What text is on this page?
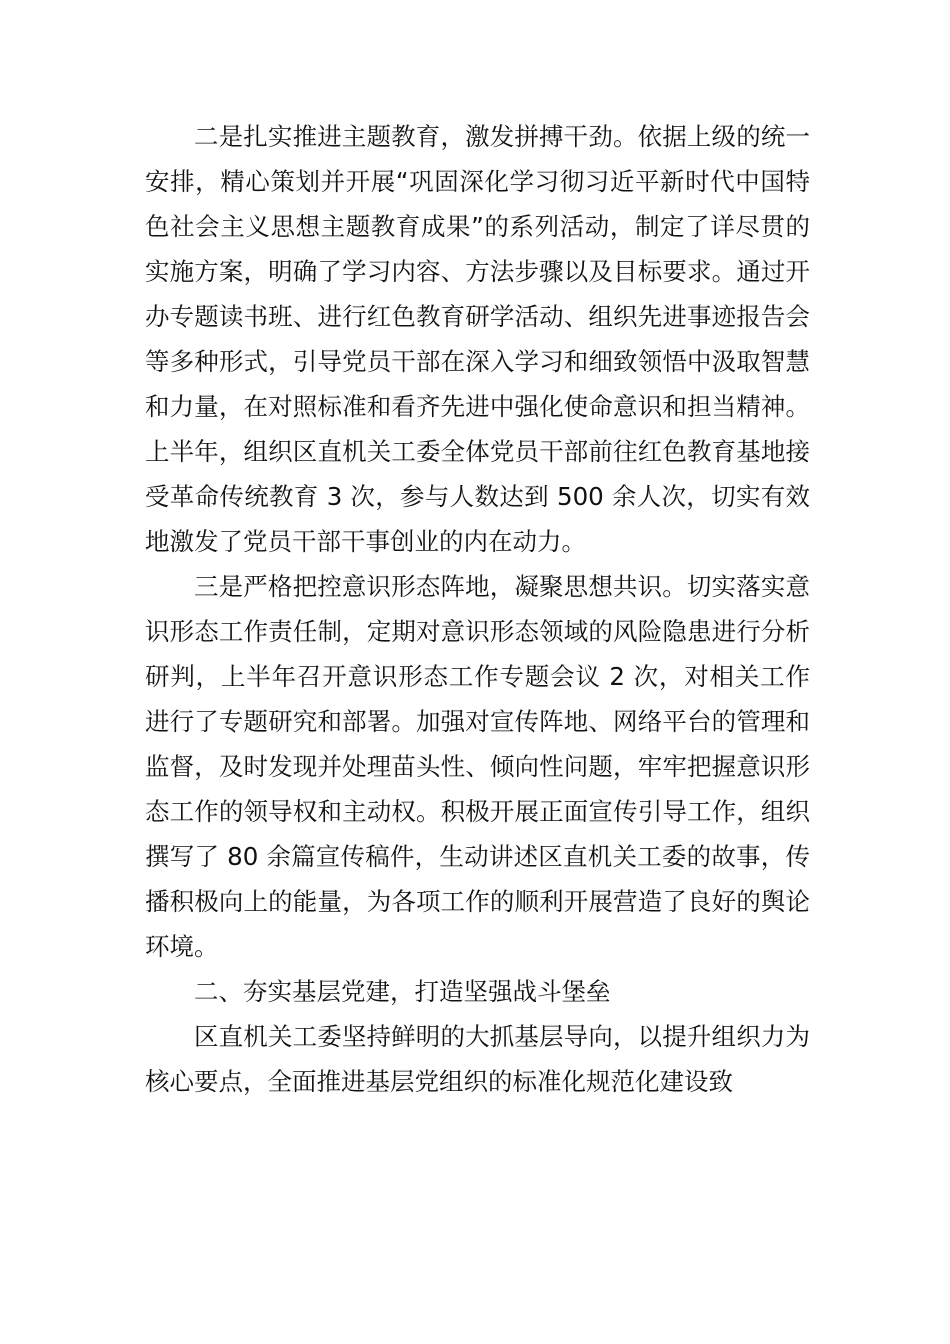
二是扎实推进主题教育，激发拼搏干劲。依据上级的统一安排，精心策划并开展“巩固深化学习彻习近平新时代中国特色社会主义思想主题教育成果”的系列活动，制定了详尽贯的实施方案，明确了学习内容、方法步骤以及目标要求。通过开办专题读书班、进行红色教育研学活动、组织先进事迹报告会等多种形式，引导党员干部在深入学习和细致领悟中汲取智慧和力量，在对照标准和看齐先进中强化使命意识和担当精神。上半年，组织区直机关工委全体党员干部前往红色教育基地接受革命传统教育 3 次，参与人数达到 500 余人次，切实有效地激发了党员干部干事创业的内在动力。

三是严格把控意识形态阵地，凝聚思想共识。切实落实意识形态工作责任制，定期对意识形态领域的风险隐患进行分析研判，上半年召开意识形态工作专题会议 2 次，对相关工作进行了专题研究和部署。加强对宣传阵地、网络平台的管理和监督，及时发现并处理苗头性、倾向性问题，牢牢把握意识形态工作的领导权和主动权。积极开展正面宣传引导工作，组织撰写了 80 余篇宣传稿件，生动讲述区直机关工委的故事，传播积极向上的能量，为各项工作的顺利开展营造了良好的舆论环境。

二、夯实基层党建，打造坚强战斗堡垒

区直机关工委坚持鲜明的大抓基层导向，以提升组织力为核心要点，全面推进基层党组织的标准化规范化建设致
